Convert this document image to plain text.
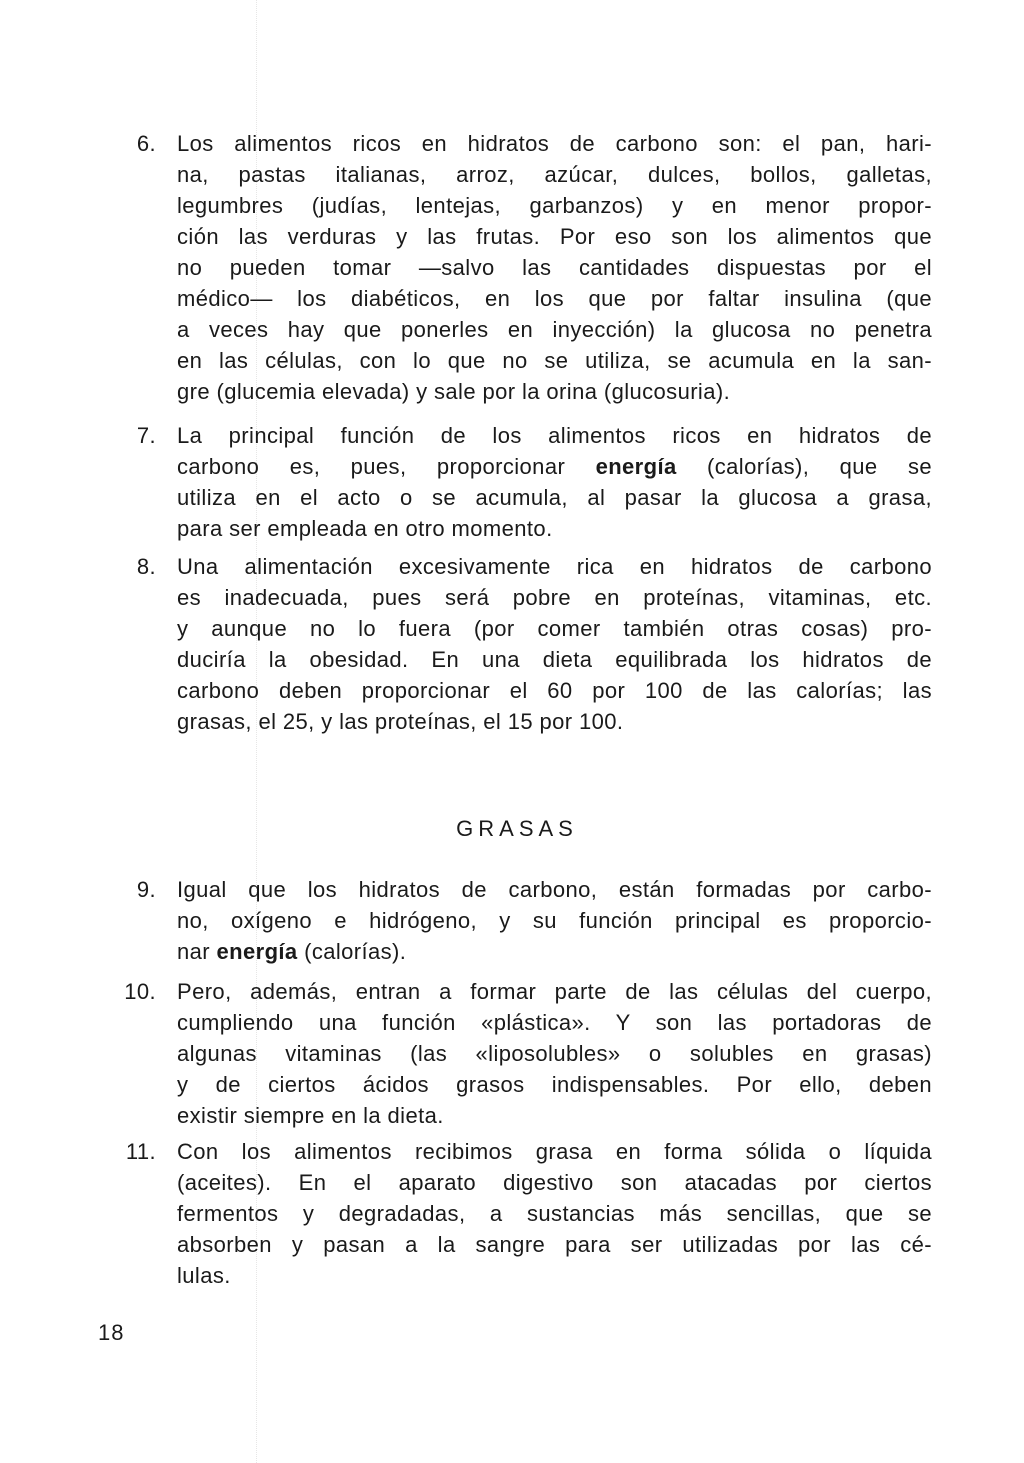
6. Los alimentos ricos en hidratos de carbono son: el pan, hari-
na, pastas italianas, arroz, azúcar, dulces, bollos, galletas,
legumbres (judías, lentejas, garbanzos) y en menor propor-
ción las verduras y las frutas. Por eso son los alimentos que
no pueden tomar —salvo las cantidades dispuestas por el
médico— los diabéticos, en los que por faltar insulina (que
a veces hay que ponerles en inyección) la glucosa no penetra
en las células, con lo que no se utiliza, se acumula en la san-
gre (glucemia elevada) y sale por la orina (glucosuria).
7. La principal función de los alimentos ricos en hidratos de
carbono es, pues, proporcionar energía (calorías), que se
utiliza en el acto o se acumula, al pasar la glucosa a grasa,
para ser empleada en otro momento.
8. Una alimentación excesivamente rica en hidratos de carbono
es inadecuada, pues será pobre en proteínas, vitaminas, etc.
y aunque no lo fuera (por comer también otras cosas) pro-
duciría la obesidad. En una dieta equilibrada los hidratos de
carbono deben proporcionar el 60 por 100 de las calorías; las
grasas, el 25, y las proteínas, el 15 por 100.
GRASAS
9. Igual que los hidratos de carbono, están formadas por carbo-
no, oxígeno e hidrógeno, y su función principal es proporcio-
nar energía (calorías).
10. Pero, además, entran a formar parte de las células del cuerpo,
cumpliendo una función «plástica». Y son las portadoras de
algunas vitaminas (las «liposolubles» o solubles en grasas)
y de ciertos ácidos grasos indispensables. Por ello, deben
existir siempre en la dieta.
11. Con los alimentos recibimos grasa en forma sólida o líquida
(aceites). En el aparato digestivo son atacadas por ciertos
fermentos y degradadas, a sustancias más sencillas, que se
absorben y pasan a la sangre para ser utilizadas por las cé-
lulas.
18
